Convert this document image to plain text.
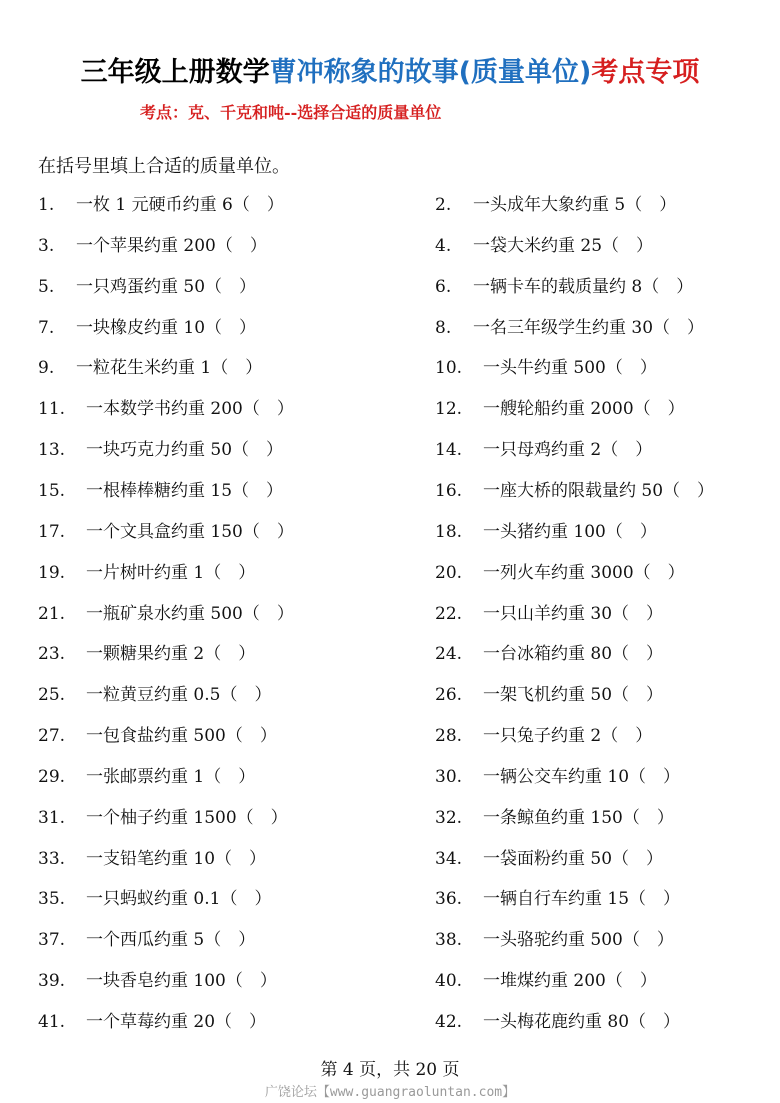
三年级上册数学曹冲称象的故事(质量单位)考点专项
考点：克、千克和吨--选择合适的质量单位
在括号里填上合适的质量单位。
1. 一枚 1 元硬币约重 6（　）	2. 一头成年大象约重 5（　）
3. 一个苹果约重 200（　）	4. 一袋大米约重 25（　）
5. 一只鸡蛋约重 50（　）	6. 一辆卡车的载质量约 8（　）
7. 一块橡皮约重 10（　）	8. 一名三年级学生约重 30（　）
9. 一粒花生米约重 1（　）	10. 一头牛约重 500（　）
11. 一本数学书约重 200（　）	12. 一艘轮船约重 2000（　）
13. 一块巧克力约重 50（　）	14. 一只母鸡约重 2（　）
15. 一根棒棒糖约重 15（　）	16. 一座大桥的限载量约 50（　）
17. 一个文具盒约重 150（　）	18. 一头猪约重 100（　）
19. 一片树叶约重 1（　）	20. 一列火车约重 3000（　）
21. 一瓶矿泉水约重 500（　）	22. 一只山羊约重 30（　）
23. 一颗糖果约重 2（　）	24. 一台冰箱约重 80（　）
25. 一粒黄豆约重 0.5（　）	26. 一架飞机约重 50（　）
27. 一包食盐约重 500（　）	28. 一只兔子约重 2（　）
29. 一张邮票约重 1（　）	30. 一辆公交车约重 10（　）
31. 一个柚子约重 1500（　）	32. 一条鲸鱼约重 150（　）
33. 一支铅笔约重 10（　）	34. 一袋面粉约重 50（　）
35. 一只蚂蚁约重 0.1（　）	36. 一辆自行车约重 15（　）
37. 一个西瓜约重 5（　）	38. 一头骆驼约重 500（　）
39. 一块香皂约重 100（　）	40. 一堆煤约重 200（　）
41. 一个草莓约重 20（　）	42. 一头梅花鹿约重 80（　）
第 4 页，共 20 页
广饶论坛【www.guangraoluntan.com】
